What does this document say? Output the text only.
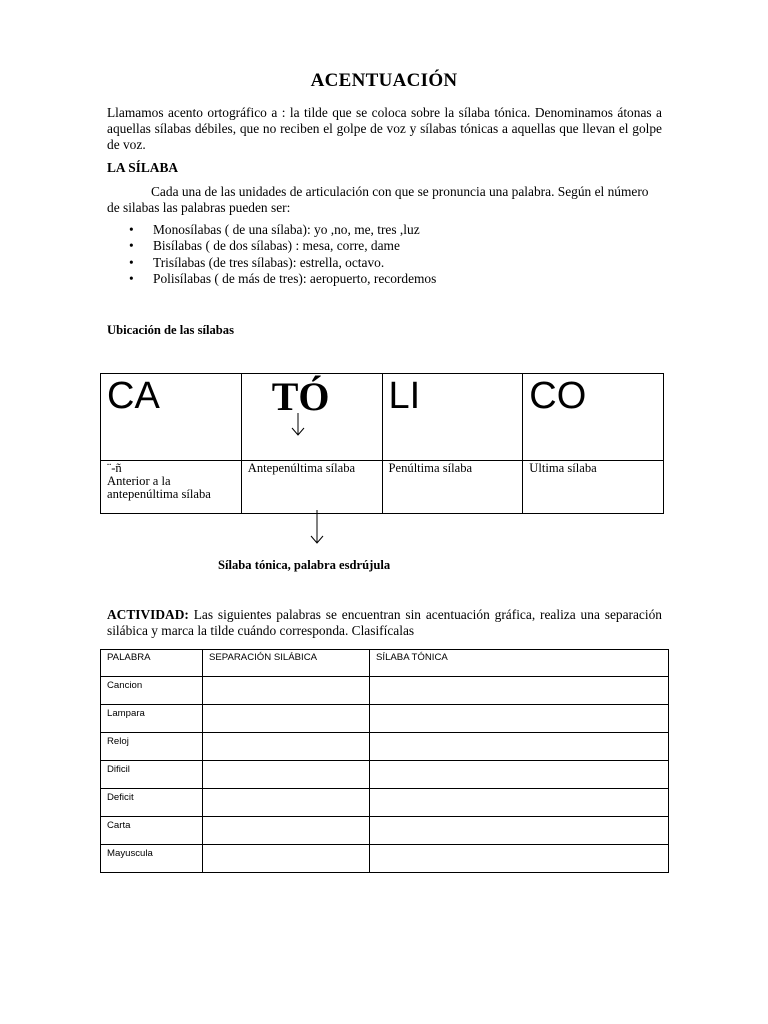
ACENTUACIÓN
Llamamos acento ortográfico a : la tilde que se coloca sobre la sílaba tónica. Denominamos átonas a aquellas sílabas débiles, que no reciben el golpe de voz y sílabas tónicas a aquellas que llevan el golpe de voz.
LA SÍLABA
Cada una de las unidades de articulación con que se pronuncia una palabra. Según el número de silabas las palabras pueden ser:
• Monosílabas ( de una sílaba): yo ,no, me, tres ,luz
• Bisílabas ( de dos sílabas) : mesa, corre, dame
• Trisílabas (de tres sílabas): estrella, octavo.
• Polisílabas ( de más de tres): aeropuerto, recordemos
Ubicación de las sílabas
CA	TÓ	LI	CO

¨-ñ
Anterior a la antepenúltima sílaba	Antepenúltima sílaba	Penúltima sílaba	Ultima sílaba
Sílaba tónica, palabra esdrújula
ACTIVIDAD: Las siguientes palabras se encuentran sin acentuación gráfica, realiza una separación silábica y marca la tilde cuándo corresponda. Clasifícalas
PALABRA	SEPARACIÓN SILÁBICA	SÍLABA TÓNICA
Cancion		
Lampara		
Reloj		
Dificil		
Deficit		
Carta		
Mayuscula		
